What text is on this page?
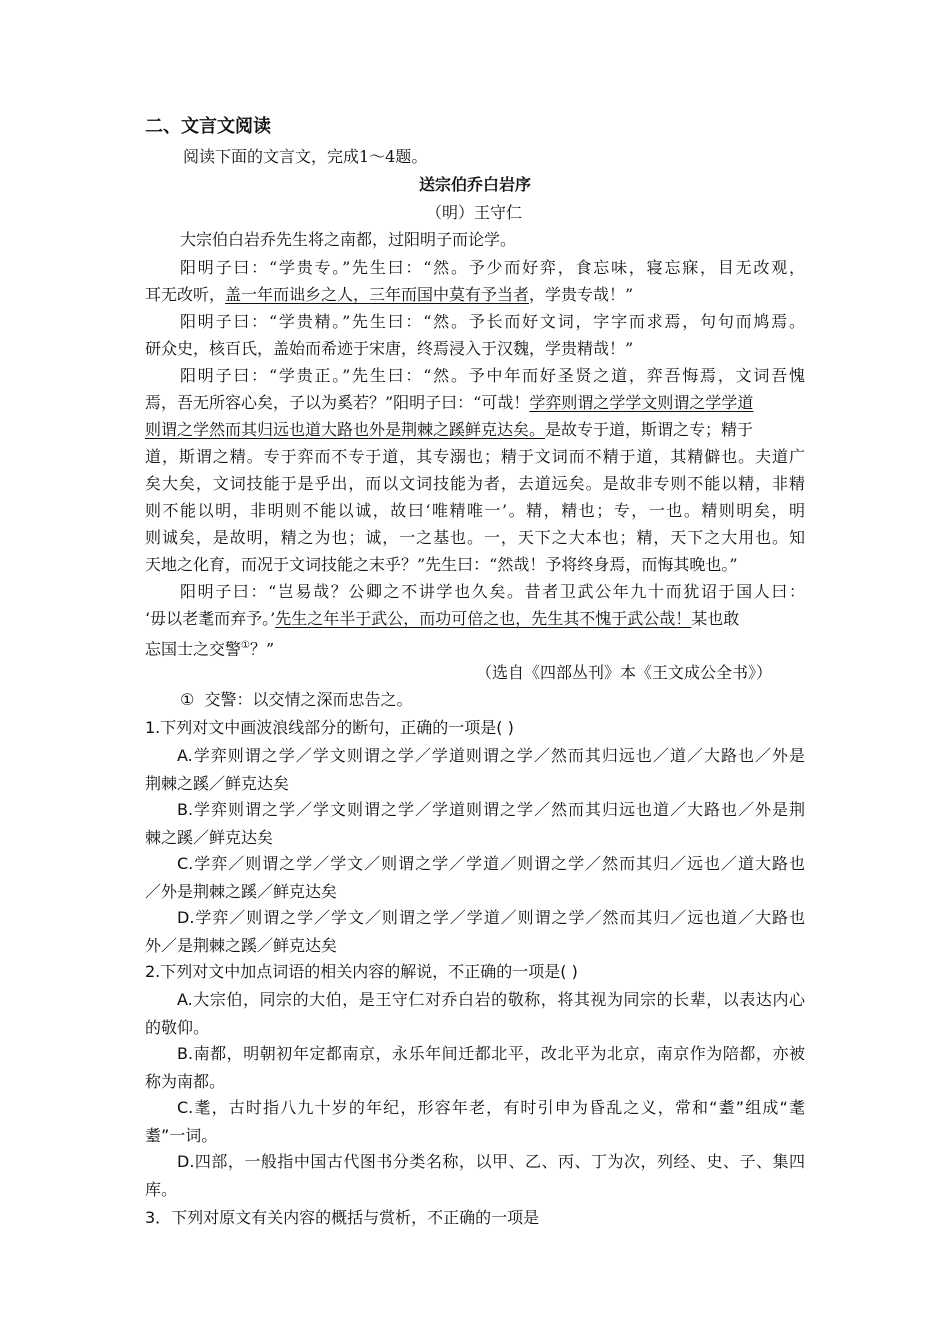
二、文言文阅读
阅读下面的文言文，完成1～4题。
送宗伯乔白岩序
（明）王守仁
大宗伯白岩乔先生将之南都，过阳明子而论学。
阳明子曰：“学贵专。”先生曰：“然。予少而好弈，食忘味，寝忘寐，目无改观，
耳无改听，盖一年而诎乡之人，三年而国中莫有予当者，学贵专哉！”
阳明子曰：“学贵精。”先生曰：“然。予长而好文词，字字而求焉，句句而鸠焉。
研众史，核百氏，盖始而希迹于宋唐，终焉浸入于汉魏，学贵精哉！”
阳明子曰：“学贵正。”先生曰：“然。予中年而好圣贤之道，弈吾悔焉，文词吾愧
焉，吾无所容心矣，子以为奚若？”阳明子曰：“可哉！学弈则谓之学学文则谓之学学道
则谓之学然而其归远也道大路也外是荆棘之蹊鲜克达矣。是故专于道，斯谓之专；精于
道，斯谓之精。专于弈而不专于道，其专溺也；精于文词而不精于道，其精僻也。夫道广
矣大矣，文词技能于是乎出，而以文词技能为者，去道远矣。是故非专则不能以精，非精
则不能以明，非明则不能以诚，故曰‘唯精唯一’。精，精也；专，一也。精则明矣，明
则诚矣，是故明，精之为也；诚，一之基也。一，天下之大本也；精，天下之大用也。知
天地之化育，而况于文词技能之末乎？”先生曰：“然哉！予将终身焉，而悔其晚也。”
阳明子曰：“岂易哉？公卿之不讲学也久矣。昔者卫武公年九十而犹诏于国人曰：
‘毋以老耄而弃予。’先生之年半于武公，而功可倍之也，先生其不愧于武公哉！某也敢
忘国士之交警①？”
（选自《四部丛刊》本《王文成公全书》）
① 交警：以交情之深而忠告之。
1.下列对文中画波浪线部分的断句，正确的一项是( )
A.学弈则谓之学／学文则谓之学／学道则谓之学／然而其归远也／道／大路也／外是
荆棘之蹊／鲜克达矣
B.学弈则谓之学／学文则谓之学／学道则谓之学／然而其归远也道／大路也／外是荆
棘之蹊／鲜克达矣
C.学弈／则谓之学／学文／则谓之学／学道／则谓之学／然而其归／远也／道大路也
／外是荆棘之蹊／鲜克达矣
D.学弈／则谓之学／学文／则谓之学／学道／则谓之学／然而其归／远也道／大路也
外／是荆棘之蹊／鲜克达矣
2.下列对文中加点词语的相关内容的解说，不正确的一项是( )
A.大宗伯，同宗的大伯，是王守仁对乔白岩的敬称，将其视为同宗的长辈，以表达内心
的敬仰。
B.南都，明朝初年定都南京，永乐年间迁都北平，改北平为北京，南京作为陪都，亦被
称为南都。
C.耄，古时指八九十岁的年纪，形容年老，有时引申为昏乱之义，常和“耋”组成“耄
耋”一词。
D.四部，一般指中国古代图书分类名称，以甲、乙、丙、丁为次，列经、史、子、集四
库。
3．下列对原文有关内容的概括与赏析，不正确的一项是
